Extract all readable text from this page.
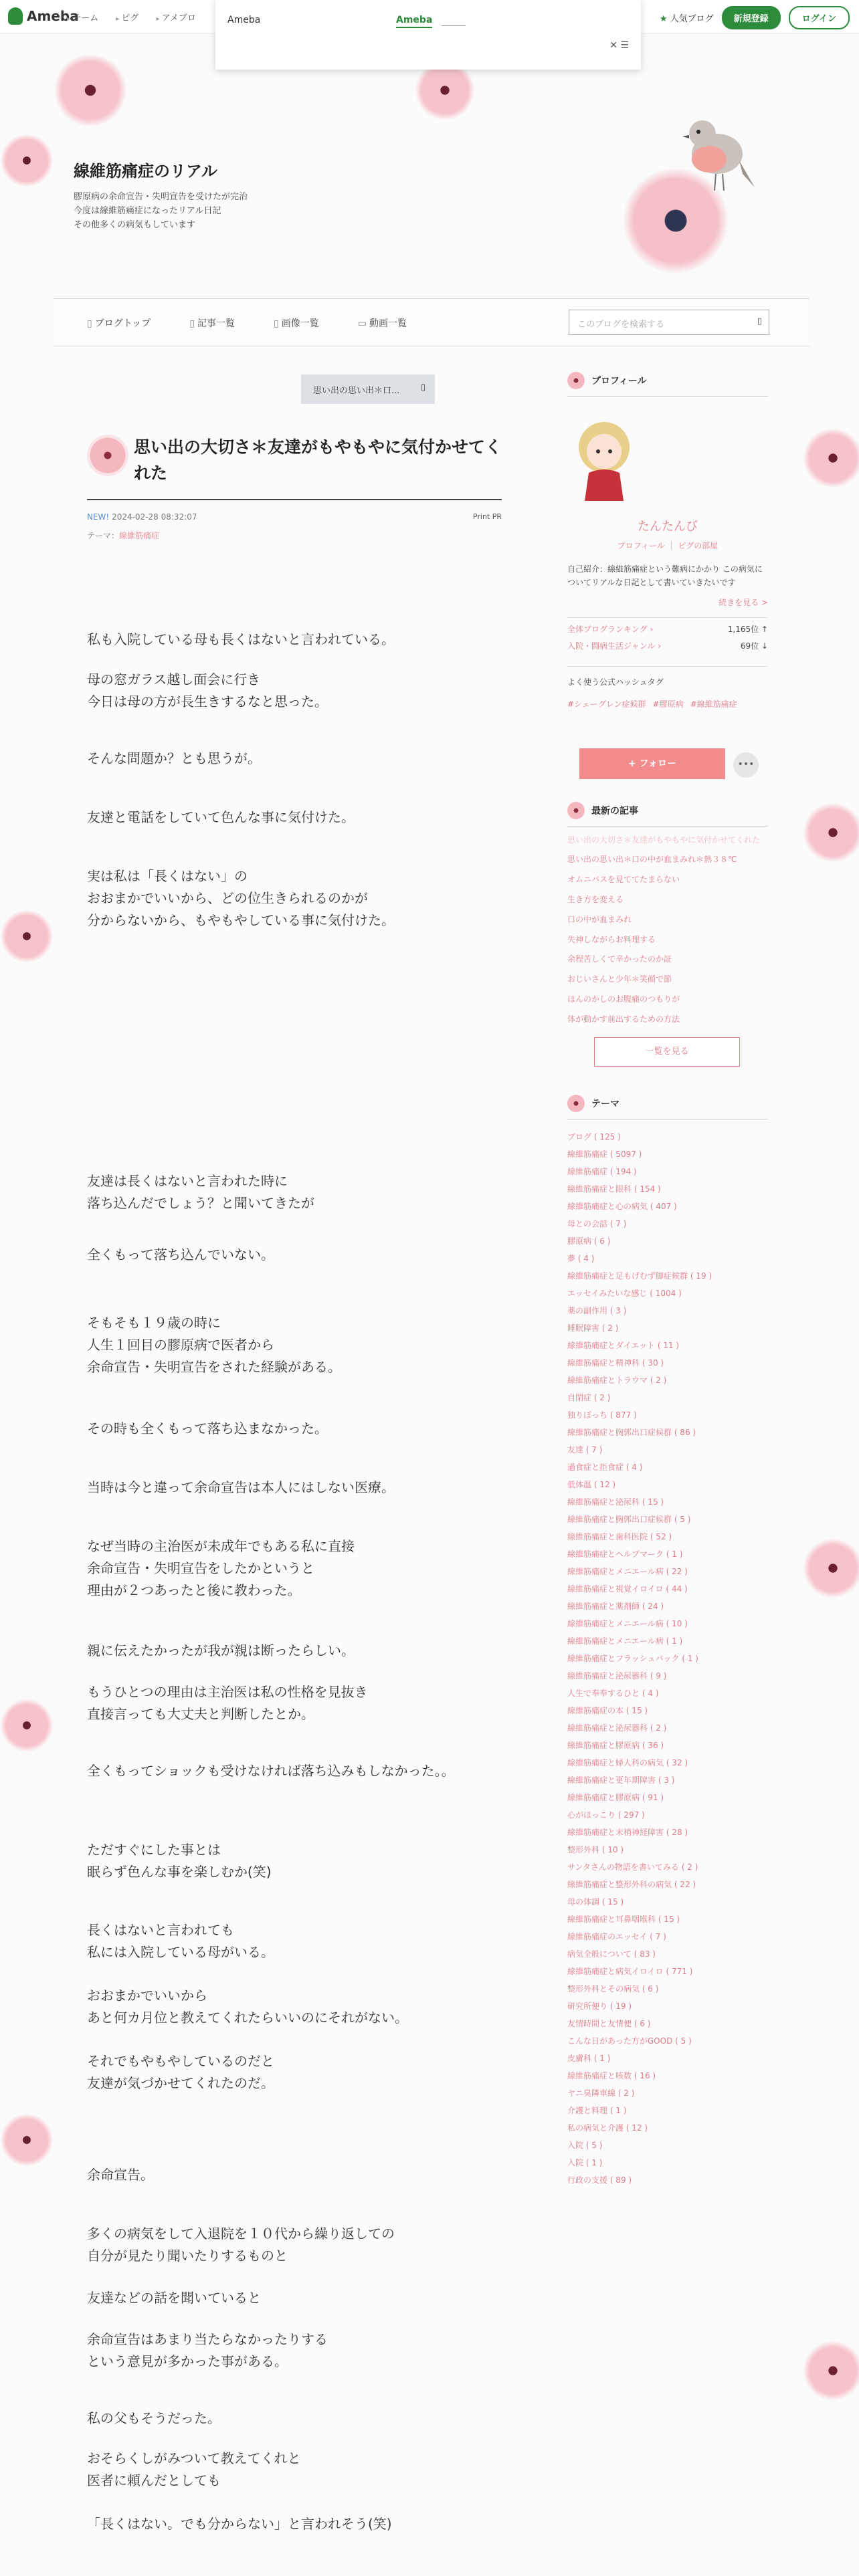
Ameba
▸ チーム	▸ ピグ	▸ アメブロ	★ 人気ブログ	新規登録	ログイン
Ameba	Ameba
✕ ☰
線維筋痛症のリアル
膠原病の余命宣告・失明宣告を受けたが完治
今度は線維筋痛症になったリアル日記
その他多くの病気もしています
▯ ブログトップ	▯ 記事一覧	▯ 画像一覧	▭ 動画一覧	このブログを検索する	▯
思い出の思い出＊口... ▯
思い出の大切さ＊友達がもやもやに気付かせてくれた
NEW! 2024-02-28 08:32:07	Print PR
テーマ：線維筋痛症
私も入院している母も長くはないと言われている。
母の窓ガラス越し面会に行き
今日は母の方が長生きするなと思った。
そんな問題か？とも思うが。
友達と電話をしていて色んな事に気付けた。
実は私は「長くはない」の
おおまかでいいから、どの位生きられるのかが
分からないから、もやもやしている事に気付けた。
友達は長くはないと言われた時に
落ち込んだでしょう？と聞いてきたが
全くもって落ち込んでいない。
そもそも１９歳の時に
人生１回目の膠原病で医者から
余命宣告・失明宣告をされた経験がある。
その時も全くもって落ち込まなかった。
当時は今と違って余命宣告は本人にはしない医療。
なぜ当時の主治医が未成年でもある私に直接
余命宣告・失明宣告をしたかというと
理由が２つあったと後に教わった。
親に伝えたかったが我が親は断ったらしい。
もうひとつの理由は主治医は私の性格を見抜き
直接言っても大丈夫と判断したとか。
全くもってショックも受けなければ落ち込みもしなかった。。
ただすぐにした事とは
眠らず色んな事を楽しむか(笑)
長くはないと言われても
私には入院している母がいる。
おおまかでいいから
あと何カ月位と教えてくれたらいいのにそれがない。
それでもやもやしているのだと
友達が気づかせてくれたのだ。
余命宣告。
多くの病気をして入退院を１０代から繰り返しての
自分が見たり聞いたりするものと
友達などの話を聞いていると
余命宣告はあまり当たらなかったりする
という意見が多かった事がある。
私の父もそうだった。
おそらくしがみついて教えてくれと
医者に頼んだとしても
「長くはない。でも分からない」と言われそう(笑)
プロフィール
たんたんび
プロフィール ｜ ピグの部屋
自己紹介：線維筋痛症という難病にかかり この病気についてリアルな日記として書いていきたいです
続きを見る >
全体ブログランキング ›	1,165位 ↑
入院・闘病生活ジャンル ›	69位 ↓
よく使う公式ハッシュタグ
#シェーグレン症候群 #膠原病 #線維筋痛症
+ フォロー	•••
最新の記事
思い出の大切さ＊友達がもやもやに気付かせてくれた
思い出の思い出＊口の中が血まみれ＊熱３８℃
オムニバスを見ててたまらない
生き方を変える
口の中が血まみれ
失神しながらお料理する
余程苦しくて辛かったのか証
おじいさんと少年＊笑顔で節
ほんのかしのお腹痛のつもりが
体が動かす前出するための方法
一覧を見る
テーマ
ブログ ( 125 )
線維筋痛症 ( 5097 )
線維筋痛症 ( 194 )
線維筋痛症と眼科 ( 154 )
線維筋痛症と心の病気 ( 407 )
母との会話 ( 7 )
膠原病 ( 6 )
夢 ( 4 )
線維筋痛症と足もげむず脚症候群 ( 19 )
エッセイみたいな感じ ( 1004 )
薬の副作用 ( 3 )
睡眠障害 ( 2 )
線維筋痛症とダイエット ( 11 )
線維筋痛症と精神科 ( 30 )
線維筋痛症とトラウマ ( 2 )
自閉症 ( 2 )
独りぼっち ( 877 )
線維筋痛症と胸郭出口症候群 ( 86 )
友達 ( 7 )
過食症と拒食症 ( 4 )
低体温 ( 12 )
線維筋痛症と泌尿科 ( 15 )
線維筋痛症と胸郭出口症候群 ( 5 )
線維筋痛症と歯科医院 ( 52 )
線維筋痛症とヘルプマーク ( 1 )
線維筋痛症とメニエール病 ( 22 )
線維筋痛症と視覚イロイロ ( 44 )
線維筋痛症と薬剤師 ( 24 )
線維筋痛症とメニエール病 ( 10 )
線維筋痛症とメニエール病 ( 1 )
線維筋痛症とフラッシュバック ( 1 )
線維筋痛症と泌尿器科 ( 9 )
人生で奉奉するひと ( 4 )
線維筋痛症の本 ( 15 )
線維筋痛症と泌尿器科 ( 2 )
線維筋痛症と膠原病 ( 36 )
線維筋痛症と婦人科の病気 ( 32 )
線維筋痛症と更年期障害 ( 3 )
線維筋痛症と膠原病 ( 91 )
心がほっこり ( 297 )
線維筋痛症と末梢神経障害 ( 28 )
整形外科 ( 10 )
サンタさんの物語を書いてみる ( 2 )
線維筋痛症と整形外科の病気 ( 22 )
母の体調 ( 15 )
線維筋痛症と耳鼻咽喉科 ( 15 )
線維筋痛症のエッセイ ( 7 )
病気全般について ( 83 )
線維筋痛症と病気イロイロ ( 771 )
整形外科とその病気 ( 6 )
研究所便り ( 19 )
友情時間と友情便 ( 6 )
こんな日があった方がGOOD ( 5 )
皮膚科 ( 1 )
線維筋痛症と咳数 ( 16 )
ヤニ臭隣車線 ( 2 )
介護と料理 ( 1 )
私の病気と介護 ( 12 )
入院 ( 5 )
入院 ( 1 )
行政の支援 ( 89 )
